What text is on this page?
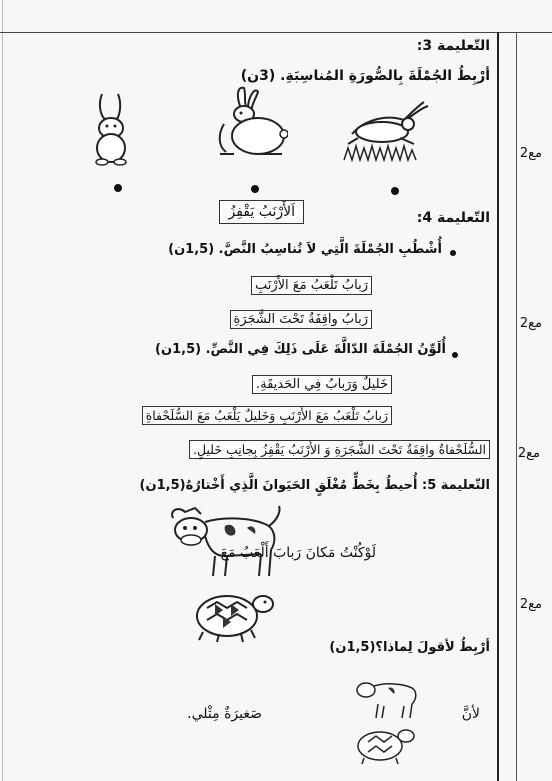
مع2
مع2
مع2
مع2
التّعليمة 3:
أرْبِطُ الجُمْلَةَ بِالصُّورَةِ المُناسِبَةِ. (3ن)
اَلأَرْنَبُ يَقْفِزُ	التّعليمة 4:
أُشْطُبِ الجُمْلَةَ الَّتِي لاَ تُناسِبُ النَّصَّ. (1,5ن)
رَبابُ تَلْعَبُ مَعَ الأَرْنَبِ
رَبابُ واقِفَةٌ تَحْتَ الشَّجَرَةِ
أُلَوِّنُ الجُمْلَةَ الدّالَّةَ عَلَى ذَلِكَ فِي النَّصِّ. (1,5ن)
خَليلٌ وَرَبابُ فِي الحَديقَةِ.
رَبابُ تَلْعَبُ مَعَ الأَرْنَبِ وَخَليلٌ يَلْعَبُ مَعَ السُّلَحْفاةِ
السُّلَحْفاةُ واقِفَةٌ تَحْتَ الشَّجَرَةِ وَ الأَرْنَبُ يَقْفِزُ بِجانِبِ خَليلٍ.
التّعليمة 5: أُحيطُ بِخَطٍّ مُغْلَقٍ الحَيَوانَ الَّذِي أَخْتارُهُ(1,5ن)
لَوْكُنْتُ مَكانَ رَبابَ أَلْعَبُ مَعَ
أرْبِطُ لأقولَ لِماذا؟(1,5ن)
لأنَّ
صَغيرَةٌ مِثْلي.
